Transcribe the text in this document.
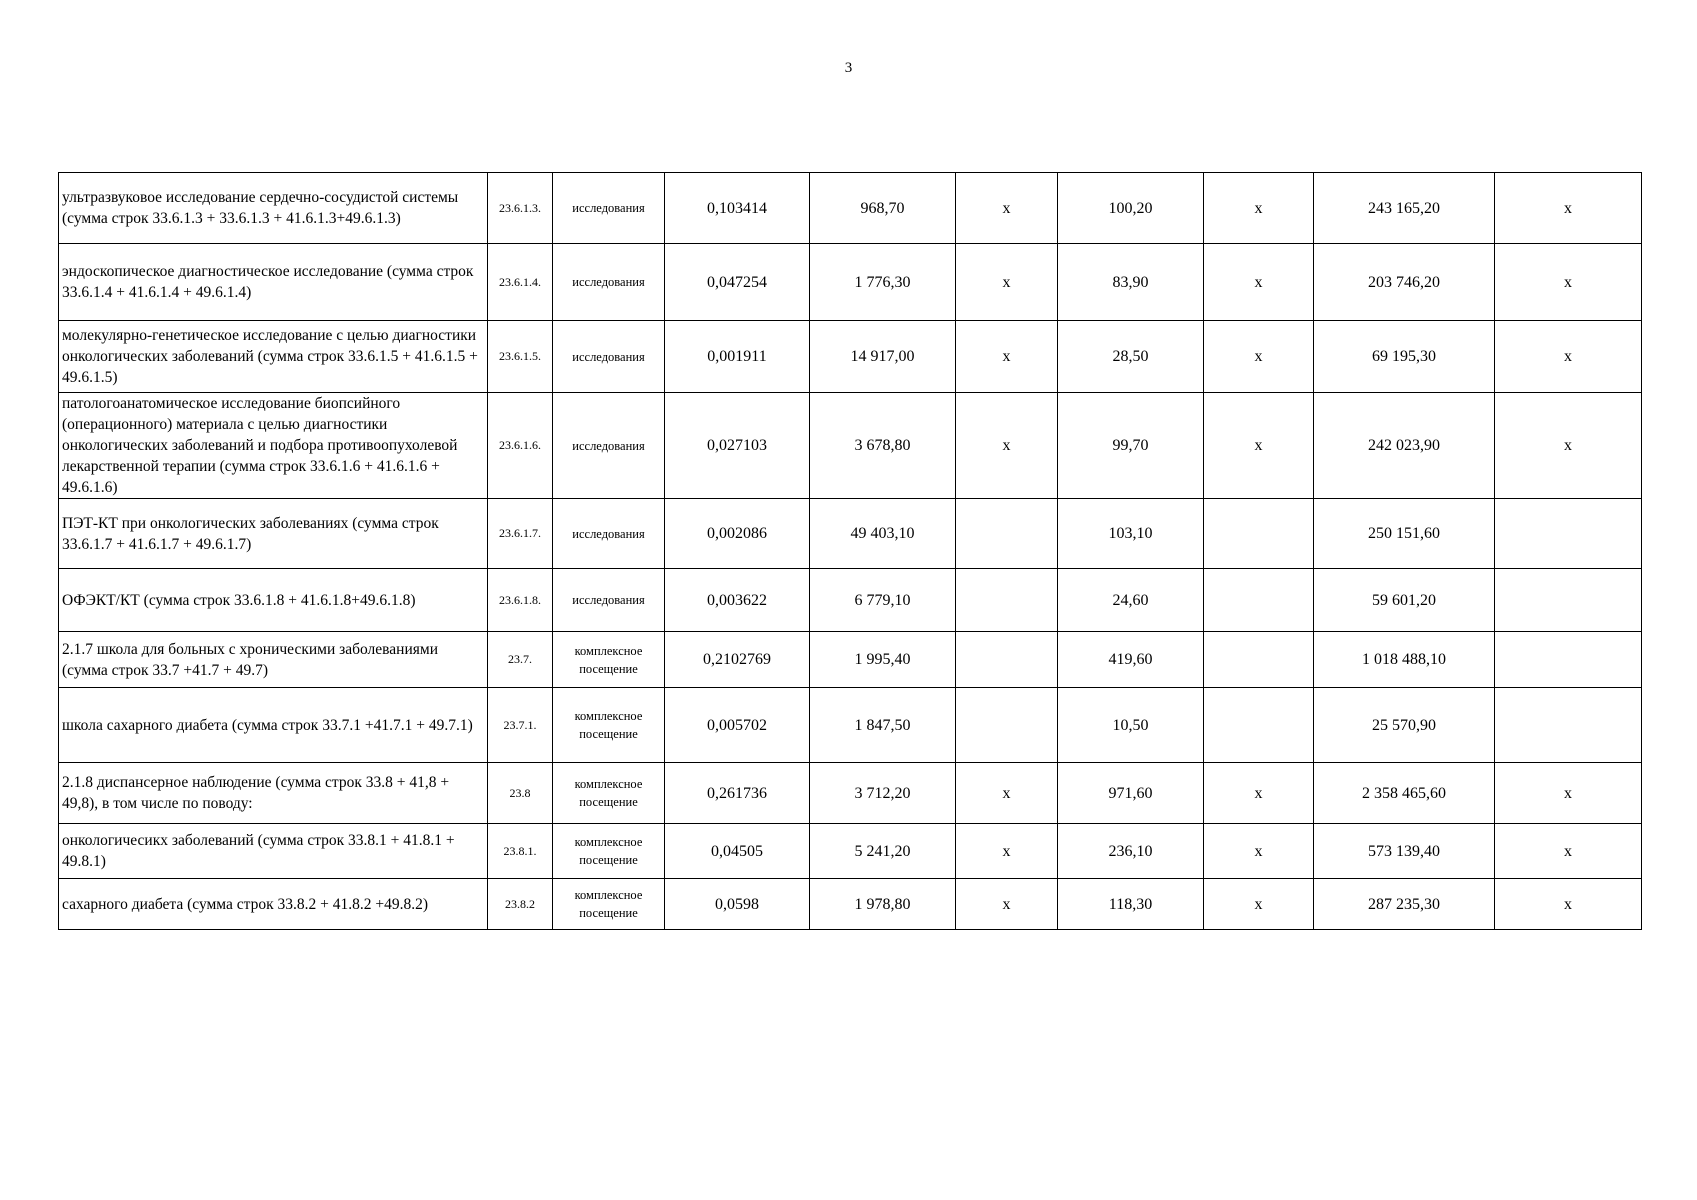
3
ультразвуковое исследование сердечно-сосудистой системы (сумма строк 33.6.1.3 + 33.6.1.3 + 41.6.1.3+49.6.1.3)	23.6.1.3.	исследования	0,103414	968,70	х	100,20	х	243 165,20	х
эндоскопическое диагностическое исследование (сумма строк 33.6.1.4 + 41.6.1.4 + 49.6.1.4)	23.6.1.4.	исследования	0,047254	1 776,30	х	83,90	х	203 746,20	х
молекулярно-генетическое исследование с целью диагностики онкологических заболеваний (сумма строк 33.6.1.5 + 41.6.1.5 + 49.6.1.5)	23.6.1.5.	исследования	0,001911	14 917,00	х	28,50	х	69 195,30	х
патологоанатомическое исследование биопсийного (операционного) материала с целью диагностики онкологических заболеваний и подбора противоопухолевой лекарственной терапии (сумма строк 33.6.1.6 + 41.6.1.6 + 49.6.1.6)	23.6.1.6.	исследования	0,027103	3 678,80	х	99,70	х	242 023,90	х
ПЭТ-КТ при онкологических заболеваниях (сумма строк 33.6.1.7 + 41.6.1.7 + 49.6.1.7)	23.6.1.7.	исследования	0,002086	49 403,10		103,10		250 151,60	
ОФЭКТ/КТ (сумма строк 33.6.1.8 + 41.6.1.8+49.6.1.8)	23.6.1.8.	исследования	0,003622	6 779,10		24,60		59 601,20	
2.1.7 школа для больных с хроническими заболеваниями (сумма строк 33.7 +41.7 + 49.7)	23.7.	комплексное посещение	0,2102769	1 995,40		419,60		1 018 488,10	
школа сахарного диабета (сумма строк 33.7.1 +41.7.1 + 49.7.1)	23.7.1.	комплексное посещение	0,005702	1 847,50		10,50		25 570,90	
2.1.8 диспансерное наблюдение (сумма строк 33.8 + 41,8 + 49,8), в том числе по поводу:	23.8	комплексное посещение	0,261736	3 712,20	х	971,60	х	2 358 465,60	х
онкологичесикх заболеваний (сумма строк 33.8.1 + 41.8.1 + 49.8.1)	23.8.1.	комплексное посещение	0,04505	5 241,20	х	236,10	х	573 139,40	х
сахарного диабета (сумма строк 33.8.2 + 41.8.2 +49.8.2)	23.8.2	комплексное посещение	0,0598	1 978,80	х	118,30	х	287 235,30	х
